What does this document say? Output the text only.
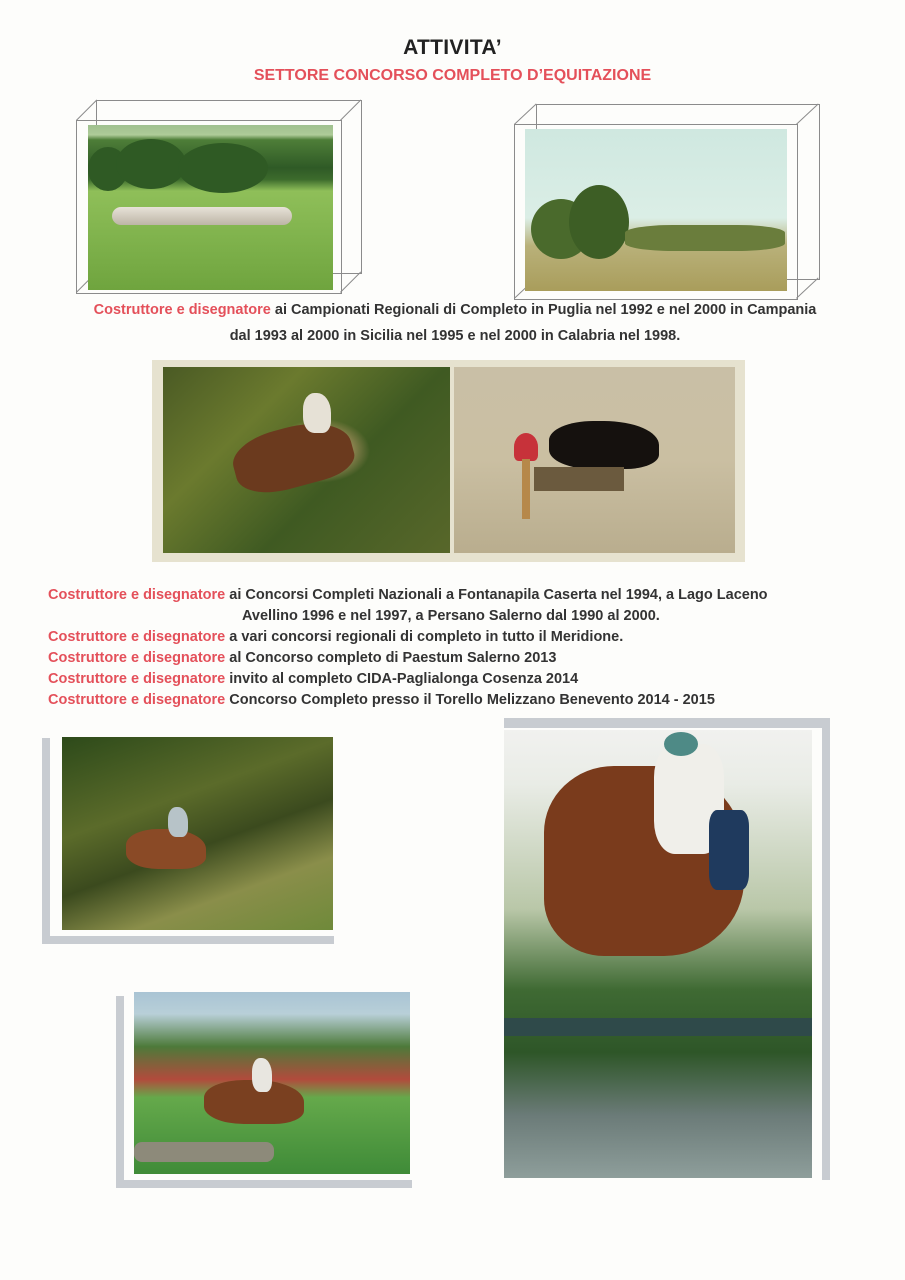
ATTIVITA’
SETTORE CONCORSO COMPLETO D’EQUITAZIONE
Costruttore e disegnatore ai Campionati Regionali di Completo in Puglia nel 1992 e nel 2000 in Campania
dal 1993 al 2000 in Sicilia nel 1995 e nel 2000 in Calabria nel 1998.
Costruttore e disegnatore ai Concorsi Completi Nazionali a Fontanapila Caserta nel 1994, a Lago Laceno
Avellino 1996 e nel 1997, a Persano Salerno dal 1990 al 2000.
Costruttore e disegnatore a vari concorsi regionali di completo in tutto il Meridione.
Costruttore e disegnatore al Concorso completo di Paestum Salerno 2013
Costruttore e disegnatore invito al completo CIDA-Paglialonga Cosenza 2014
Costruttore e disegnatore Concorso Completo presso il Torello Melizzano Benevento 2014 - 2015
